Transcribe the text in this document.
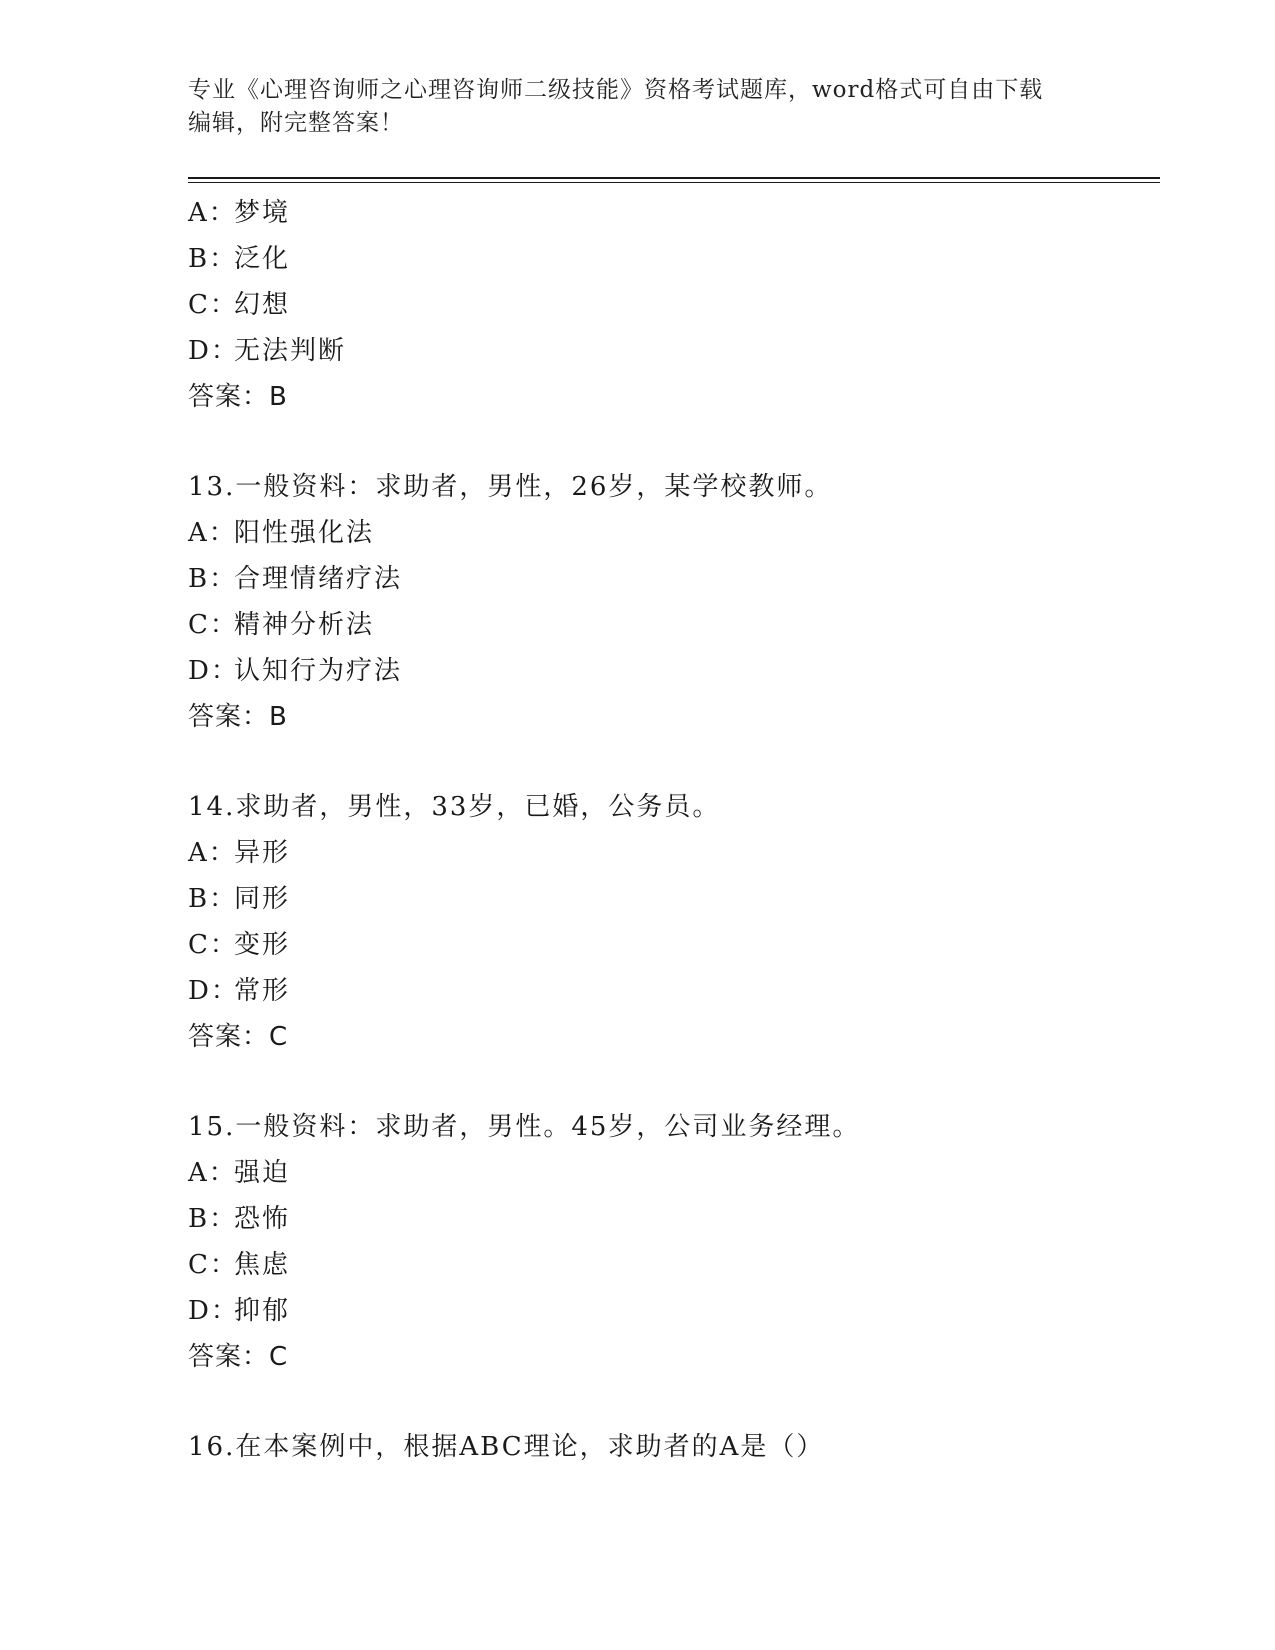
专业《心理咨询师之心理咨询师二级技能》资格考试题库，word格式可自由下载
编辑，附完整答案！
A：梦境
B：泛化
C：幻想
D：无法判断
答案：B
13.一般资料：求助者，男性，26岁，某学校教师。
A：阳性强化法
B：合理情绪疗法
C：精神分析法
D：认知行为疗法
答案：B
14.求助者，男性，33岁，已婚，公务员。
A：异形
B：同形
C：变形
D：常形
答案：C
15.一般资料：求助者，男性。45岁，公司业务经理。
A：强迫
B：恐怖
C：焦虑
D：抑郁
答案：C
16.在本案例中，根据ABC理论，求助者的A是（）
